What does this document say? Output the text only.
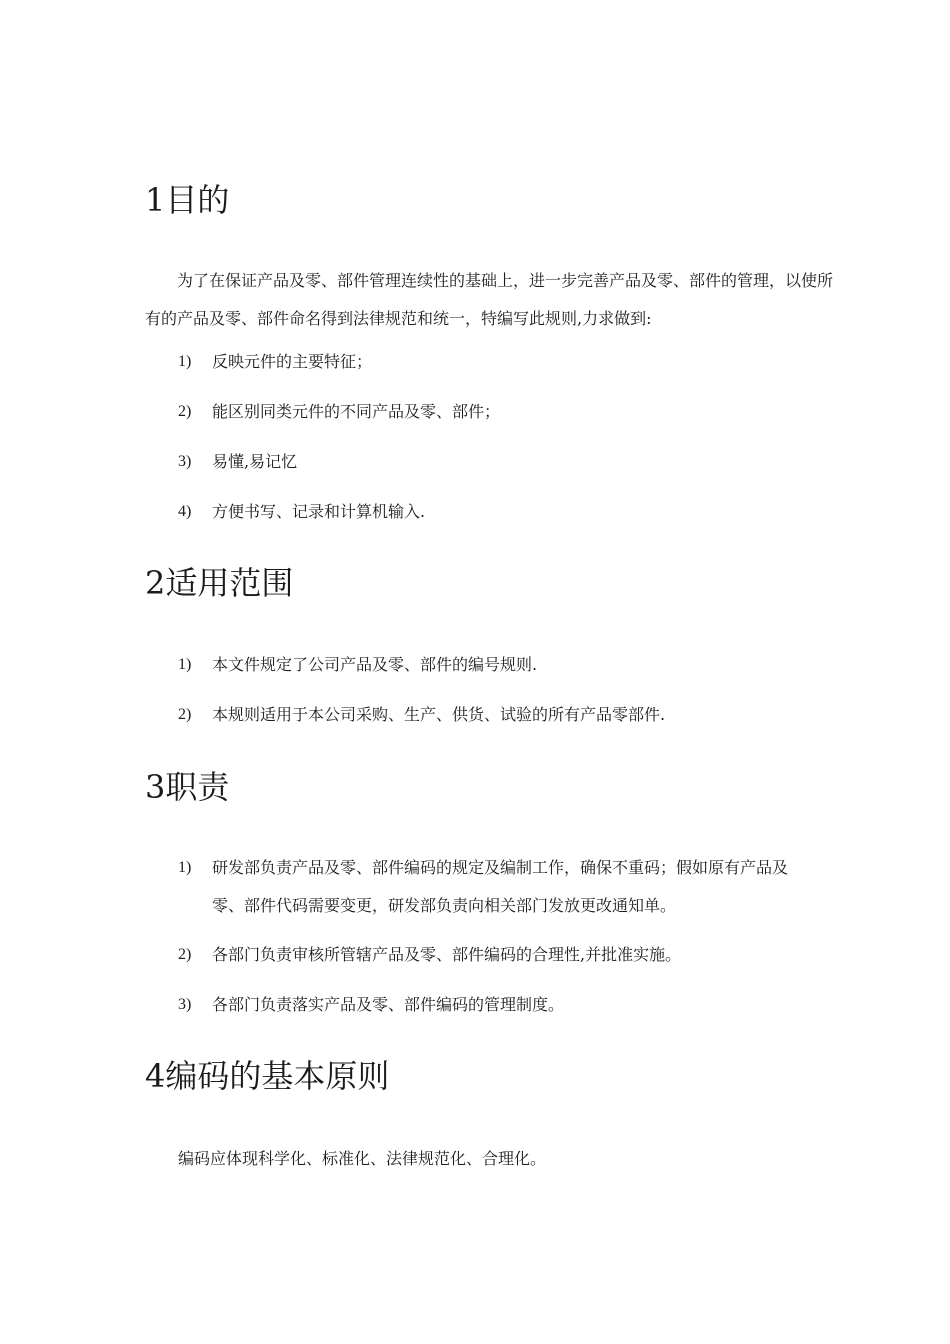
1目的

为了在保证产品及零、部件管理连续性的基础上，进一步完善产品及零、部件的管理，以使所有的产品及零、部件命名得到法律规范和统一，特编写此规则,力求做到:

1)	反映元件的主要特征；
2)	能区别同类元件的不同产品及零、部件；
3)	易懂,易记忆
4)	方便书写、记录和计算机输入.
2适用范围
1)	本文件规定了公司产品及零、部件的编号规则.
2)	本规则适用于本公司采购、生产、供货、试验的所有产品零部件.
3职责
1)	研发部负责产品及零、部件编码的规定及编制工作，确保不重码；假如原有产品及零、部件代码需要变更，研发部负责向相关部门发放更改通知单。
2)	各部门负责审核所管辖产品及零、部件编码的合理性,并批准实施。
3)	各部门负责落实产品及零、部件编码的管理制度。
4编码的基本原则
编码应体现科学化、标准化、法律规范化、合理化。
